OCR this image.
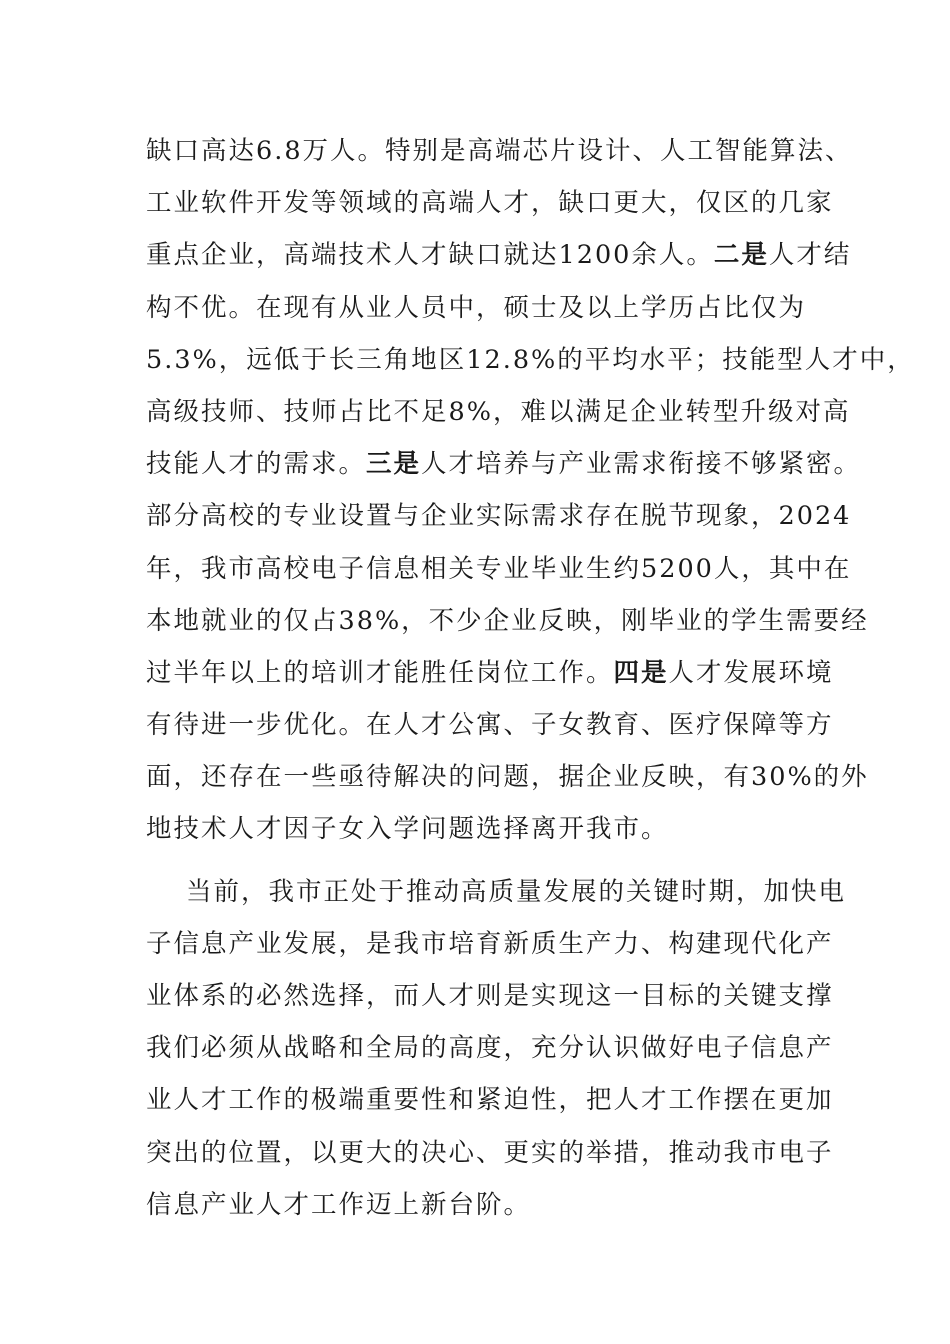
缺口高达6.8万人。特别是高端芯片设计、人工智能算法、
工业软件开发等领域的高端人才，缺口更大，仅区的几家
重点企业，高端技术人才缺口就达1200余人。二是人才结
构不优。在现有从业人员中，硕士及以上学历占比仅为
5.3%，远低于长三角地区12.8%的平均水平；技能型人才中，
高级技师、技师占比不足8%，难以满足企业转型升级对高
技能人才的需求。三是人才培养与产业需求衔接不够紧密。
部分高校的专业设置与企业实际需求存在脱节现象，2024
年，我市高校电子信息相关专业毕业生约5200人，其中在
本地就业的仅占38%，不少企业反映，刚毕业的学生需要经
过半年以上的培训才能胜任岗位工作。四是人才发展环境
有待进一步优化。在人才公寓、子女教育、医疗保障等方
面，还存在一些亟待解决的问题，据企业反映，有30%的外
地技术人才因子女入学问题选择离开我市。
当前，我市正处于推动高质量发展的关键时期，加快电
子信息产业发展，是我市培育新质生产力、构建现代化产
业体系的必然选择，而人才则是实现这一目标的关键支撑
我们必须从战略和全局的高度，充分认识做好电子信息产
业人才工作的极端重要性和紧迫性，把人才工作摆在更加
突出的位置，以更大的决心、更实的举措，推动我市电子
信息产业人才工作迈上新台阶。
